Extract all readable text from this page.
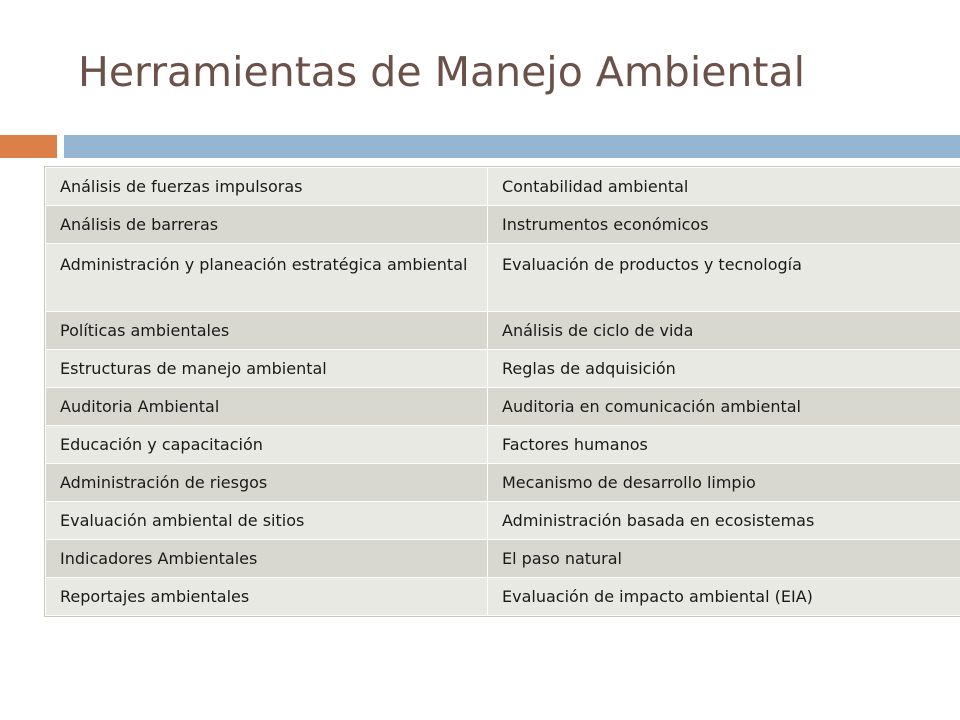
Herramientas de Manejo Ambiental
Análisis de fuerzas impulsoras	Contabilidad ambiental
Análisis de barreras	Instrumentos económicos
Administración y planeación estratégica ambiental	Evaluación de productos y tecnología
Políticas ambientales	Análisis de ciclo de vida
Estructuras de manejo ambiental	Reglas de adquisición
Auditoria Ambiental	Auditoria en comunicación ambiental
Educación y capacitación	Factores humanos
Administración de riesgos	Mecanismo de desarrollo limpio
Evaluación ambiental de sitios	Administración basada en ecosistemas
Indicadores Ambientales	El paso natural
Reportajes ambientales	Evaluación de impacto ambiental (EIA)
